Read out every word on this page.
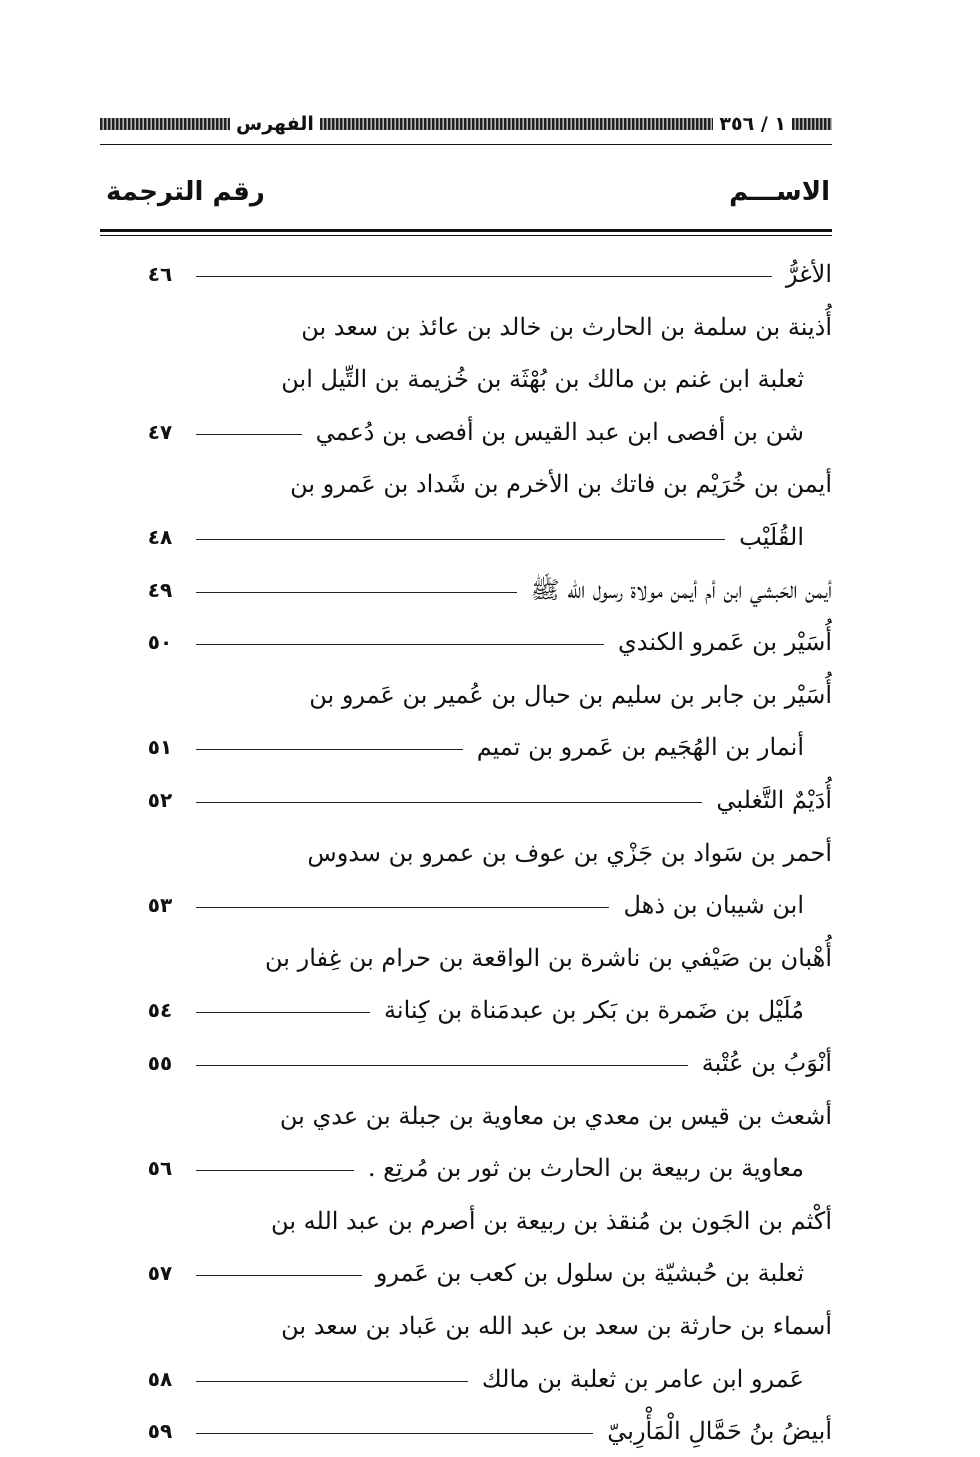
١ / ٣٥٦
الفهرس
الاســـم
رقم الترجمة
الأغرُّ
٤٦
أُذينة بن سلمة بن الحارث بن خالد بن عائذ بن سعد بن
ثعلبة ابن غنم بن مالك بن بُهْثَة بن خُزيمة بن التِّيل ابن
شن بن أفصى ابن عبد القيس بن أفصى بن دُعمي
٤٧
أيمن بن خُرَيْم بن فاتك بن الأخرم بن شَداد بن عَمرو بن
القُلَيْب
٤٨
أيمن الحَبشي ابن أم أيمن مولاة رسول الله ﷺ
٤٩
أُسَيْر بن عَمرو الكندي
٥٠
أُسَيْر بن جابر بن سليم بن حبال بن عُمير بن عَمرو بن
أنمار بن الهُجَيم بن عَمرو بن تميم
٥١
أُدَيْمٌ التَّغلبي
٥٢
أحمر بن سَواد بن جَزْي بن عوف بن عمرو بن سدوس
ابن شيبان بن ذهل
٥٣
أُهْبان بن صَيْفي بن ناشرة بن الواقعة بن حرام بن غِفار بن
مُلَيْل بن ضَمرة بن بَكر بن عبدمَناة بن كِنانة
٥٤
أنْوَبُ بن عُتْبة
٥٥
أشعث بن قيس بن معدي بن معاوية بن جبلة بن عدي بن
معاوية بن ربيعة بن الحارث بن ثور بن مُرتِع .
٥٦
أكْثم بن الجَون بن مُنقذ بن ربيعة بن أصرم بن عبد الله بن
ثعلبة بن حُبشيّة بن سلول بن كعب بن عَمرو
٥٧
أسماء بن حارثة بن سعد بن عبد الله بن عَباد بن سعد بن
عَمرو ابن عامر بن ثعلبة بن مالك
٥٨
أبيضُ بنُ حَمَّالِ الْمَأْرِبيّ
٥٩
